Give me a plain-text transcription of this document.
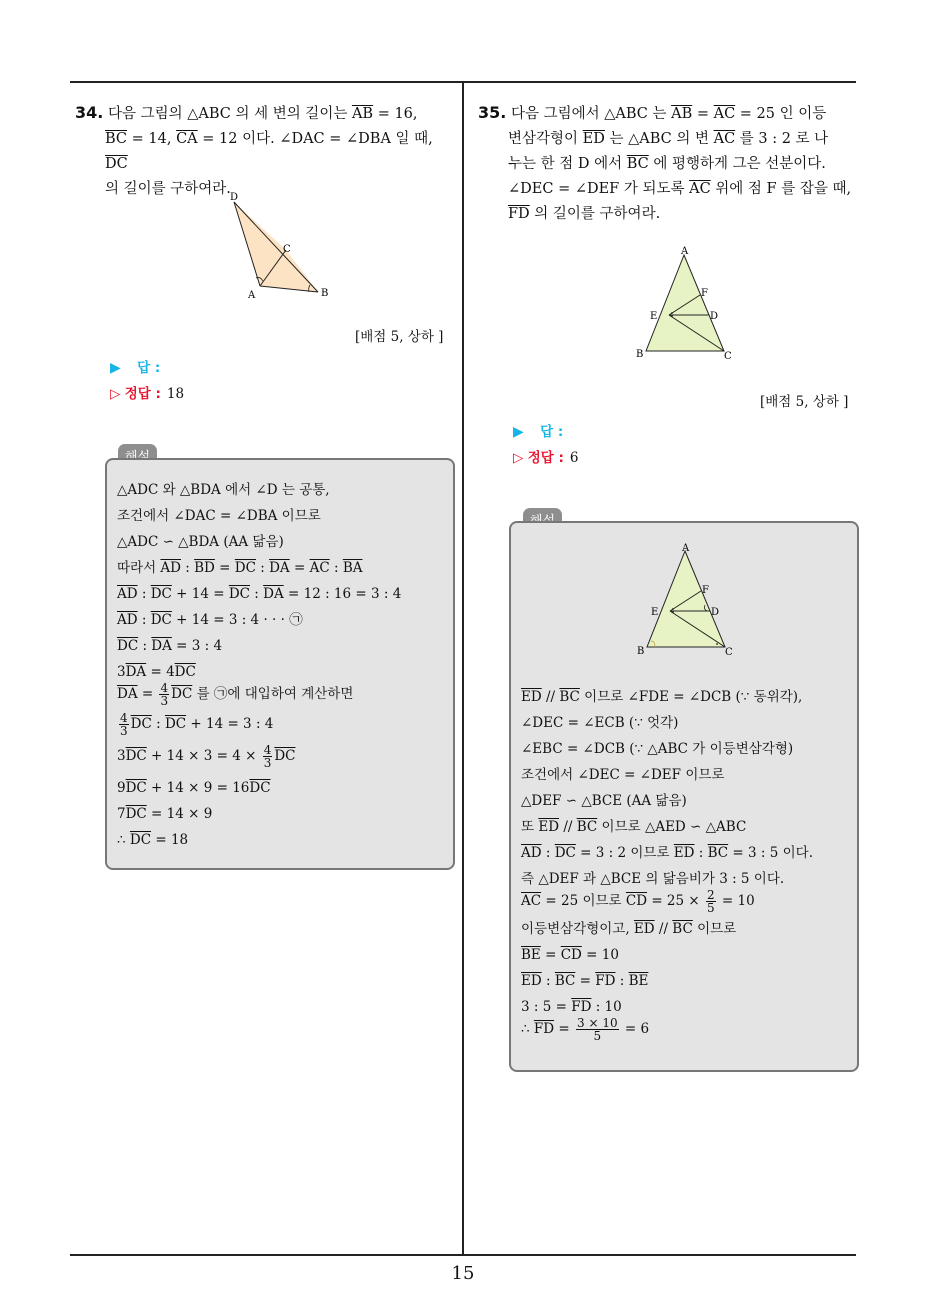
34. 다음 그림의 △ABC 의 세 변의 길이는 $\overline{AB} = 16$,
$\overline{BC} = 14$, $\overline{CA} = 12$ 이다. ∠DAC = ∠DBA 일 때, $\overline{DC}$
의 길이를 구하여라.
D
C
A	B
[배점 5, 상하 ]
▶ 답 :
▷ 정답 : 18
△ADC 와 △BDA 에서 ∠D 는 공통,
조건에서 ∠DAC = ∠DBA 이므로
△ADC ∽ △BDA (AA 닮음)
따라서 $\overline{AD}$ : $\overline{BD} = \overline{DC}$ : $\overline{DA} = \overline{AC}$ : $\overline{BA}$
$\overline{AD}$ : $\overline{DC} + 14 = \overline{DC}$ : $\overline{DA} = 12$ : 16 = 3 : 4
$\overline{AD}$ : $\overline{DC} + 14 = 3$ : 4 · · · ㉠
$\overline{DC}$ : $\overline{DA} = 3$ : 4
$3\overline{DA} = 4\overline{DC}$
$\overline{DA} = \frac{4}{3} \overline{DC}$ 를 ㉠에 대입하여 계산하면
$\frac{4}{3} \overline{DC}$ : $\overline{DC} + 14 = 3$ : 4
$3\overline{DC} + 14 \times 3 = 4 \times \frac{4}{3} \overline{DC}$
$9\overline{DC} + 14 \times 9 = 16\overline{DC}$
$7\overline{DC} = 14 \times 9$
∴ $\overline{DC} = 18$
35. 다음 그림에서 △ABC 는 $\overline{AB} = \overline{AC} = 25$ 인 이등
변삼각형이 $\overline{ED}$ 는 △ABC 의 변 $\overline{AC}$ 를 3 : 2 로 나
누는 한 점 D 에서 $\overline{BC}$ 에 평행하게 그은 선분이다.
∠DEC = ∠DEF 가 되도록 $\overline{AC}$ 위에 점 F 를 잡을 때,
$\overline{FD}$ 의 길이를 구하여라.
A
F
E	D
B	C
[배점 5, 상하 ]
▶ 답 :
▷ 정답 : 6
A
F
E	D
B	C
$\overline{ED} // \overline{BC}$ 이므로 ∠FDE = ∠DCB (∵ 동위각),
∠DEC = ∠ECB (∵ 엇각)
∠EBC = ∠DCB (∵ △ABC 가 이등변삼각형)
조건에서 ∠DEC = ∠DEF 이므로
△DEF ∽ △BCE (AA 닮음)
또 $\overline{ED} // \overline{BC}$ 이므로 △AED ∽ △ABC
$\overline{AD}$ : $\overline{DC} = 3$ : 2 이므로 $\overline{ED}$ : $\overline{BC} = 3$ : 5 이다.
즉 △DEF 과 △BCE 의 닮음비가 3 : 5 이다.
$\overline{AC} = 25$ 이므로 $\overline{CD} = 25 \times \frac{2}{5} = 10$
이등변삼각형이고, $\overline{ED} // \overline{BC}$ 이므로
$\overline{BE} = \overline{CD} = 10$
$\overline{ED}$ : $\overline{BC} = \overline{FD}$ : $\overline{BE}$
3 : $5 = \overline{FD}$ : 10
∴ $\overline{FD} = \frac{3 \times 10}{5} = 6$
15
